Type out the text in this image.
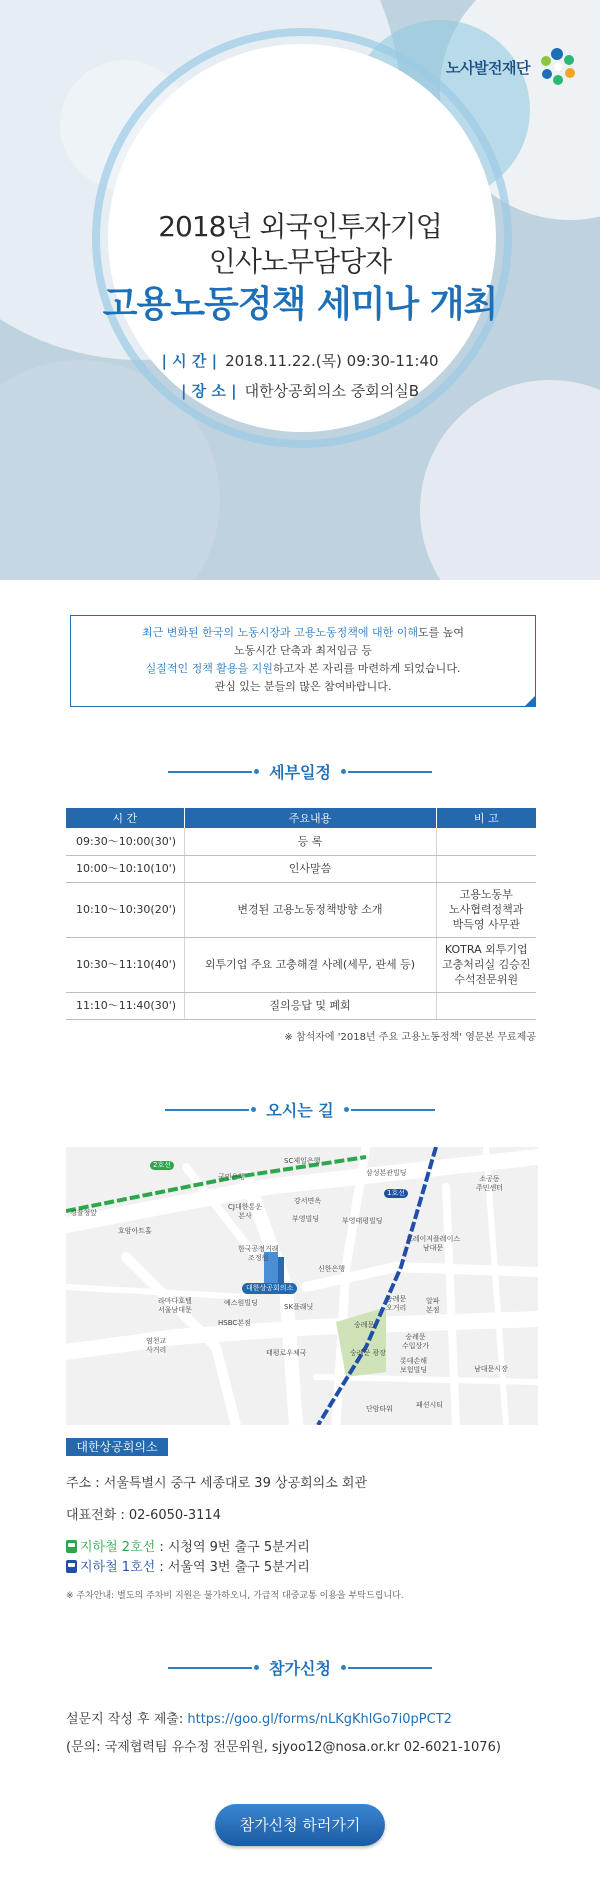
노사발전재단
2018년 외국인투자기업
인사노무담당자
고용노동정책 세미나 개최
| 시 간 | 2018.11.22.(목) 09:30-11:40
| 장 소 | 대한상공회의소 중회의실B
최근 변화된 한국의 노동시장과 고용노동정책에 대한 이해도를 높여
노동시간 단축과 최저임금 등
실질적인 정책 활용을 지원하고자 본 자리를 마련하게 되었습니다.
관심 있는 분들의 많은 참여바랍니다.
세부일정
시 간	주요내용	비 고
09:30～10:00(30')	등 록	
10:00～10:10(10')	인사말씀	
10:10～10:30(20')	변경된 고용노동정책방향 소개	고용노동부
노사협력정책과
박득영 사무관
10:30～11:10(40')	외투기업 주요 고충해결 사례(세무, 관세 등)	KOTRA 외투기업
고충처리실 김승진
수석전문위원
11:10～11:40(30')	질의응답 및 폐회	
※ 참석자에 '2018년 주요 고용노동정책' 영문본 무료제공
오시는 길
2호선
1호선
SC제일은행
국민은행	삼성본관빌딩
소공동
주민센터
경찰청앞
호암아트홀
CJ대한통운
본사
강서면옥
부영빌딩	부영태평빌딩
프레이저플레이스
남대문
한국공정거래
조정원
신한은행
대한상공회의소
라마다호텔
서울남대문
예스원빌딩	SK플래닛
숭례문
오거리
알파
본점
HSBC본점	숭례문
염천교
사거리	태평로우체국	숭례문 광장
숭례문
수입상가
롯데손해
보험빌딩	남대문시장
단암타워	패션시티
대한상공회의소
주소 : 서울특별시 중구 세종대로 39 상공회의소 회관
대표전화 : 02-6050-3114
지하철 2호선 : 시청역 9번 출구 5분거리
지하철 1호선 : 서울역 3번 출구 5분거리
※ 주차안내: 별도의 주차비 지원은 불가하오니, 가급적 대중교통 이용을 부탁드립니다.
참가신청
설문지 작성 후 제출: https://goo.gl/forms/nLKgKhlGo7i0pPCT2
(문의: 국제협력팀 유수정 전문위원, sjyoo12@nosa.or.kr 02-6021-1076)
참가신청 하러가기
